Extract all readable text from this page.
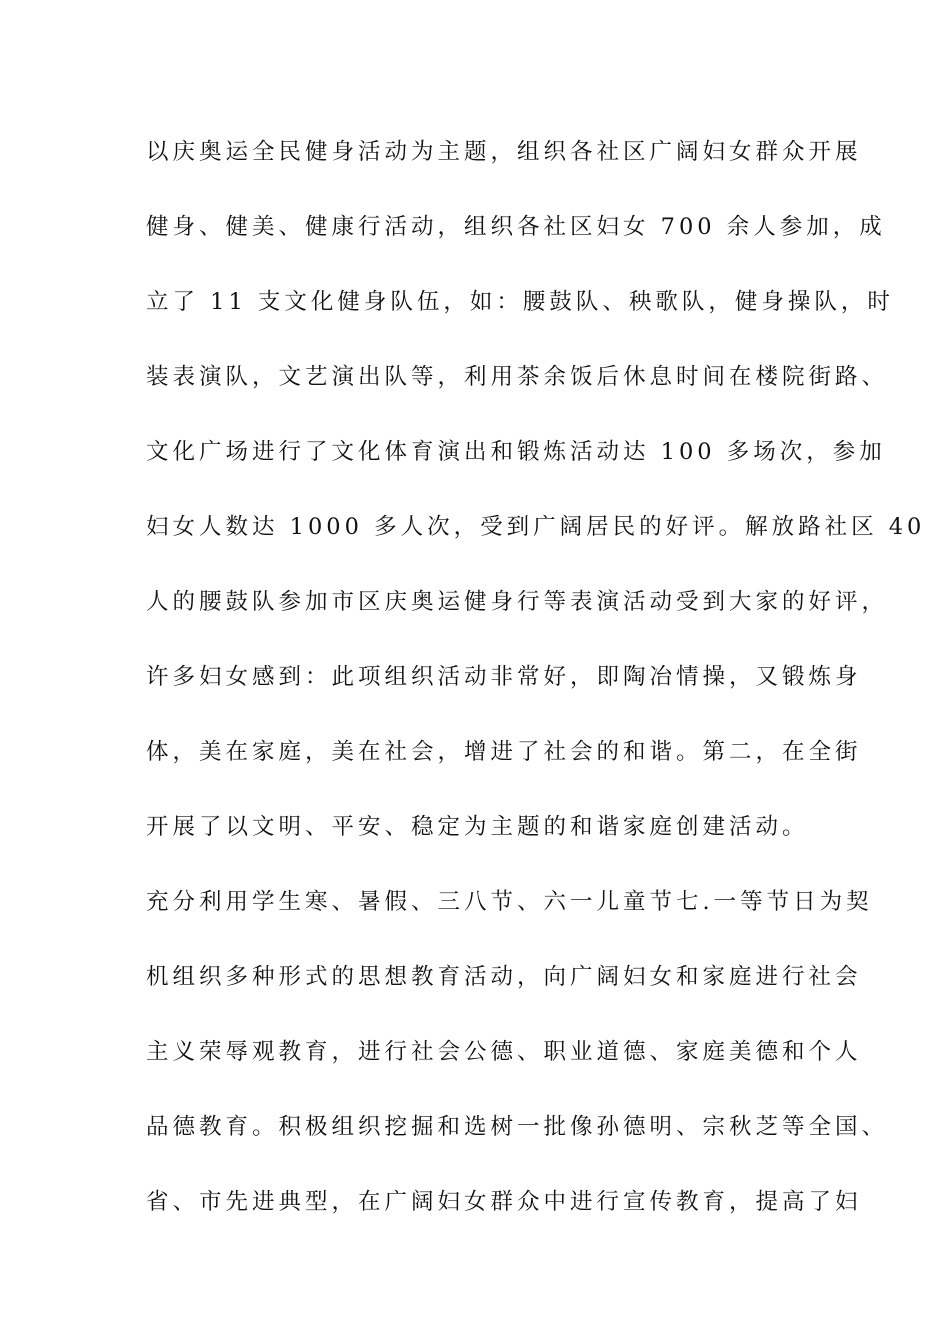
以庆奥运全民健身活动为主题，组织各社区广阔妇女群众开展
健身、健美、健康行活动，组织各社区妇女 700 余人参加，成
立了 11 支文化健身队伍，如：腰鼓队、秧歌队，健身操队，时
装表演队，文艺演出队等，利用茶余饭后休息时间在楼院街路、
文化广场进行了文化体育演出和锻炼活动达 100 多场次，参加
妇女人数达 1000 多人次，受到广阔居民的好评。解放路社区 40
人的腰鼓队参加市区庆奥运健身行等表演活动受到大家的好评，
许多妇女感到：此项组织活动非常好，即陶冶情操，又锻炼身
体，美在家庭，美在社会，增进了社会的和谐。第二，在全街
开展了以文明、平安、稳定为主题的和谐家庭创建活动。
充分利用学生寒、暑假、三八节、六一儿童节七.一等节日为契
机组织多种形式的思想教育活动，向广阔妇女和家庭进行社会
主义荣辱观教育，进行社会公德、职业道德、家庭美德和个人
品德教育。积极组织挖掘和选树一批像孙德明、宗秋芝等全国、
省、市先进典型，在广阔妇女群众中进行宣传教育，提高了妇
